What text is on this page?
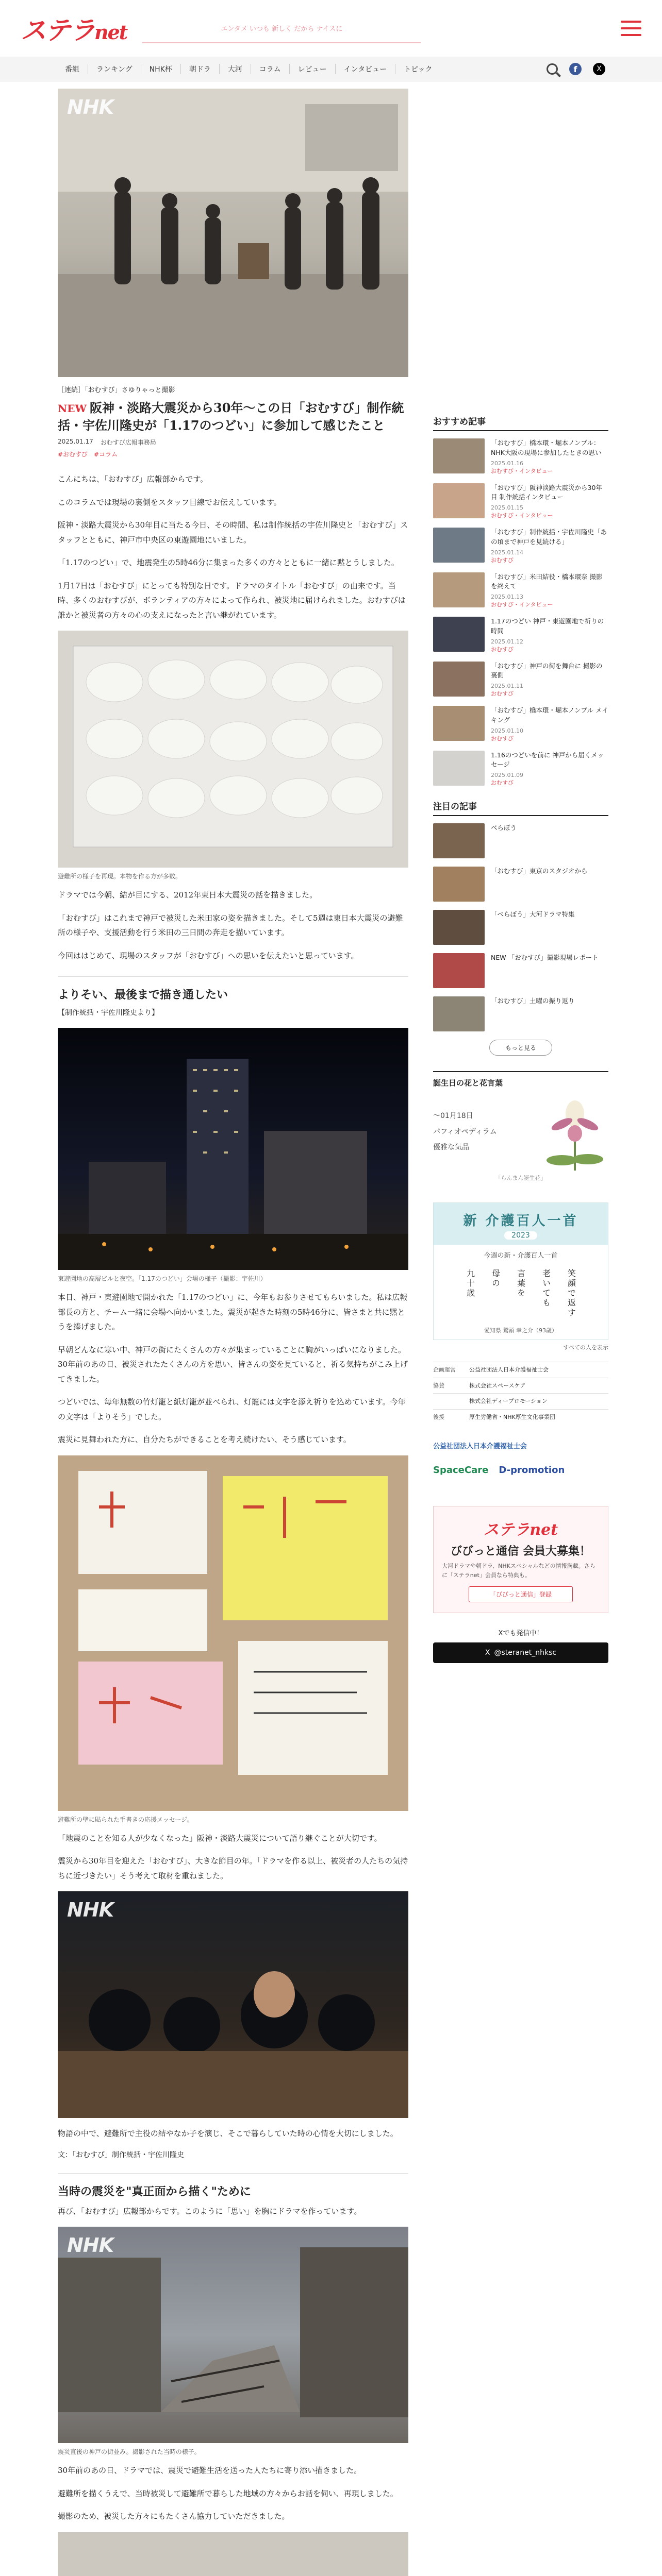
ステラnet	エンタメ いつも 新しく だから ナイスに
番組	ランキング	NHK杯	朝ドラ	大河	コラム	レビュー	インタビュー	トピック	f	X
NHK
［連続］「おむすび」さゆりゃっと撮影
NEW 阪神・淡路大震災から30年〜この日「おむすび」制作統括・宇佐川隆史が「1.17のつどい」に参加して感じたこと
2025.01.17 おむすび広報事務局
#おむすび　#コラム

こんにちは、「おむすび」広報部からです。

このコラムでは現場の裏側をスタッフ目線でお伝えしています。

阪神・淡路大震災から30年目に当たる今日、その時間、私は制作統括の宇佐川隆史と「おむすび」スタッフとともに、神戸市中央区の東遊園地にいました。

「1.17のつどい」で、地震発生の5時46分に集まった多くの方々とともに一緒に黙とうしました。

1月17日は「おむすび」にとっても特別な日です。ドラマのタイトル「おむすび」の由来です。当時、多くのおむすびが、ボランティアの方々によって作られ、被災地に届けられました。おむすびは誰かと被災者の方々の心の支えになったと言い継がれています。

避難所の様子を再現。本物を作る方が多数。

ドラマでは今朝、結が目にする、2012年東日本大震災の話を描きました。

「おむすび」はこれまで神戸で被災した米田家の姿を描きました。そして5週は東日本大震災の避難所の様子や、支援活動を行う米田の三日間の奔走を描いています。

今回ははじめて、現場のスタッフが「おむすび」への思いを伝えたいと思っています。

よりそい、最後まで描き通したい
【制作統括・宇佐川隆史より】
東遊園地の高層ビルと夜空。「1.17のつどい」会場の様子（撮影：宇佐川）

本日、神戸・東遊園地で開かれた「1.17のつどい」に、今年もお参りさせてもらいました。私は広報部長の方と、チーム一緒に会場へ向かいました。震災が起きた時刻の5時46分に、皆さまと共に黙とうを捧げました。

早朝どんなに寒い中、神戸の街にたくさんの方々が集まっていることに胸がいっぱいになりました。30年前のあの日、被災されたたくさんの方を思い、皆さんの姿を見ていると、祈る気持ちがこみ上げてきました。

つどいでは、毎年無数の竹灯籠と紙灯籠が並べられ、灯籠には文字を添え祈りを込めています。今年の文字は「よりそう」でした。

震災に見舞われた方に、自分たちができることを考え続けたい、そう感じています。

避難所の壁に貼られた手書きの応援メッセージ。

「地震のことを知る人が少なくなった」阪神・淡路大震災について語り継ぐことが大切です。

震災から30年目を迎えた「おむすび」、大きな節目の年。「ドラマを作る以上、被災者の人たちの気持ちに近づきたい」そう考えて取材を重ねました。

NHK

物語の中で、避難所で主役の結やなか子を演じ、そこで暮らしていた時の心情を大切にしました。

文：「おむすび」制作統括・宇佐川隆史
当時の震災を"真正面から描く"ために

再び、「おむすび」広報部からです。このように「思い」を胸にドラマを作っています。

NHK
震災直後の神戸の街並み。撮影された当時の様子。

30年前のあの日、ドラマでは、震災で避難生活を送った人たちに寄り添い描きました。

避難所を描くうえで、当時被災して避難所で暮らした地域の方々からお話を伺い、再現しました。

撮影のため、被災した方々にもたくさん協力していただきました。

おすすめ記事
「おむすび」橋本環・堀本ノンブル：NHK大阪の現場に参加したときの思い
2025.01.16
おむすび・インタビュー
「おむすび」阪神淡路大震災から30年目 制作統括インタビュー
2025.01.15
おむすび・インタビュー
「おむすび」制作統括・宇佐川隆史「あの頃まで神戸を見続ける」
2025.01.14
おむすび
「おむすび」米田結役・橋本環奈 撮影を終えて
2025.01.13
おむすび・インタビュー
1.17のつどい 神戸・東遊園地で祈りの時間
2025.01.12
おむすび
「おむすび」神戸の街を舞台に 撮影の裏側
2025.01.11
おむすび
「おむすび」橋本環・堀本ノンブル メイキング
2025.01.10
おむすび
1.16のつどいを前に 神戸から届くメッセージ
2025.01.09
おむすび
注目の記事
べらぼう
「おむすび」東京のスタジオから
「べらぼう」大河ドラマ特集
NEW 「おむすび」撮影現場レポート
「おむすび」土曜の振り返り
もっと見る
誕生日の花と花言葉
〜01月18日
パフィオペディラム
優雅な気品
「らんまん誕生花」
新 介護百人一首
2023
今週の新・介護百人一首
九十歳 母の 言葉を 老いても 笑顔で返す
愛知県 鷲頭 幸之介（93歳）
すべての人を表示
企画運営	公益社団法人日本介護福祉士会
協賛	株式会社スペースケア
株式会社ディープロモーション
後援	厚生労働省・NHK厚生文化事業団
公益社団法人日本介護福祉士会
SpaceCare D-promotion
ステラnet
びびっと通信 会員大募集！
大河ドラマや朝ドラ、NHKスペシャルなどの情報満載。さらに「ステラnet」会員なら特典も。
「びびっと通信」登録
Xでも発信中！
X @steranet_nhksc
